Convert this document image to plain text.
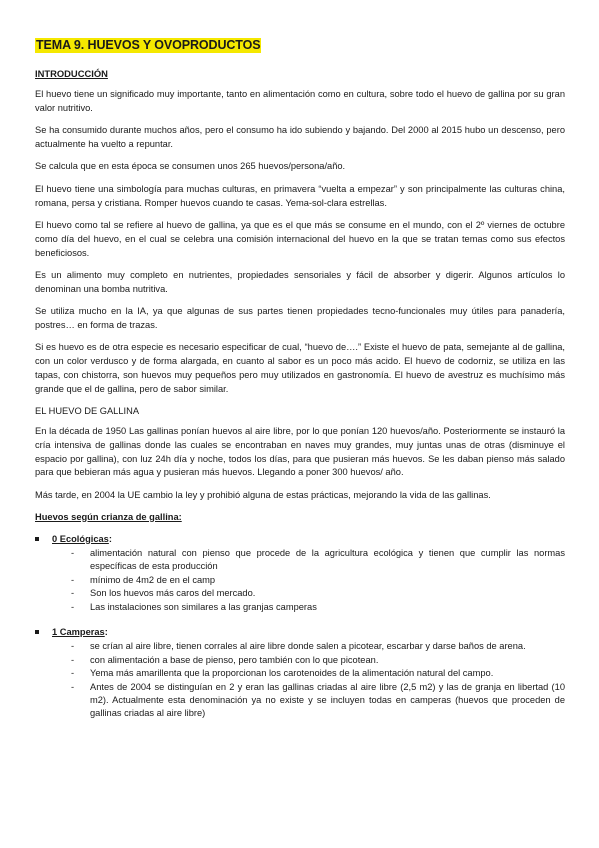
TEMA 9. HUEVOS Y OVOPRODUCTOS
INTRODUCCIÓN

El huevo tiene un significado muy importante, tanto en alimentación como en cultura, sobre todo el huevo de gallina por su gran valor nutritivo.

Se ha consumido durante muchos años, pero el consumo ha ido subiendo y bajando. Del 2000 al 2015 hubo un descenso, pero actualmente ha vuelto a repuntar.

Se calcula que en esta época se consumen unos 265 huevos/persona/año.

El huevo tiene una simbología para muchas culturas, en primavera “vuelta a empezar” y son principalmente las culturas china, romana, persa y cristiana. Romper huevos cuando te casas. Yema-sol-clara estrellas.

El huevo como tal se refiere al huevo de gallina, ya que es el que más se consume en el mundo, con el 2º viernes de octubre como día del huevo, en el cual se celebra una comisión internacional del huevo en la que se tratan temas como sus efectos beneficiosos.

Es un alimento muy completo en nutrientes, propiedades sensoriales y fácil de absorber y digerir. Algunos artículos lo denominan una bomba nutritiva.

Se utiliza mucho en la IA, ya que algunas de sus partes tienen propiedades tecno-funcionales muy útiles para panadería, postres… en forma de trazas.

Si es huevo es de otra especie es necesario especificar de cual, “huevo de….” Existe el huevo de pata, semejante al de gallina, con un color verdusco y de forma alargada, en cuanto al sabor es un poco más acido. El huevo de codorniz, se utiliza en las tapas, con chistorra, son huevos muy pequeños pero muy utilizados en gastronomía. El huevo de avestruz es muchísimo más grande que el de gallina, pero de sabor similar.

EL HUEVO DE GALLINA

En la década de 1950 Las gallinas ponían huevos al aire libre, por lo que ponían 120 huevos/año. Posteriormente se instauró la cría intensiva de gallinas donde las cuales se encontraban en naves muy grandes, muy juntas unas de otras (disminuye el espacio por gallina), con luz 24h día y noche, todos los días, para que pusieran más huevos. Se les daban pienso más salado para que bebieran más agua y pusieran más huevos. Llegando a poner 300 huevos/ año.

Más tarde, en 2004 la UE cambio la ley y prohibió alguna de estas prácticas, mejorando la vida de las gallinas.

Huevos según crianza de gallina:
0 Ecológicas:
- alimentación natural con pienso que procede de la agricultura ecológica y tienen que cumplir las normas específicas de esta producción
- mínimo de 4m2 de en el camp
- Son los huevos más caros del mercado.
- Las instalaciones son similares a las granjas camperas
1 Camperas:
- se crían al aire libre, tienen corrales al aire libre donde salen a picotear, escarbar y darse baños de arena.
- con alimentación a base de pienso, pero también con lo que picotean.
- Yema más amarillenta que la proporcionan los carotenoides de la alimentación natural del campo.
- Antes de 2004 se distinguían en 2 y eran las gallinas criadas al aire libre (2,5 m2) y las de granja en libertad (10 m2). Actualmente esta denominación ya no existe y se incluyen todas en camperas (huevos que proceden de gallinas criadas al aire libre)
